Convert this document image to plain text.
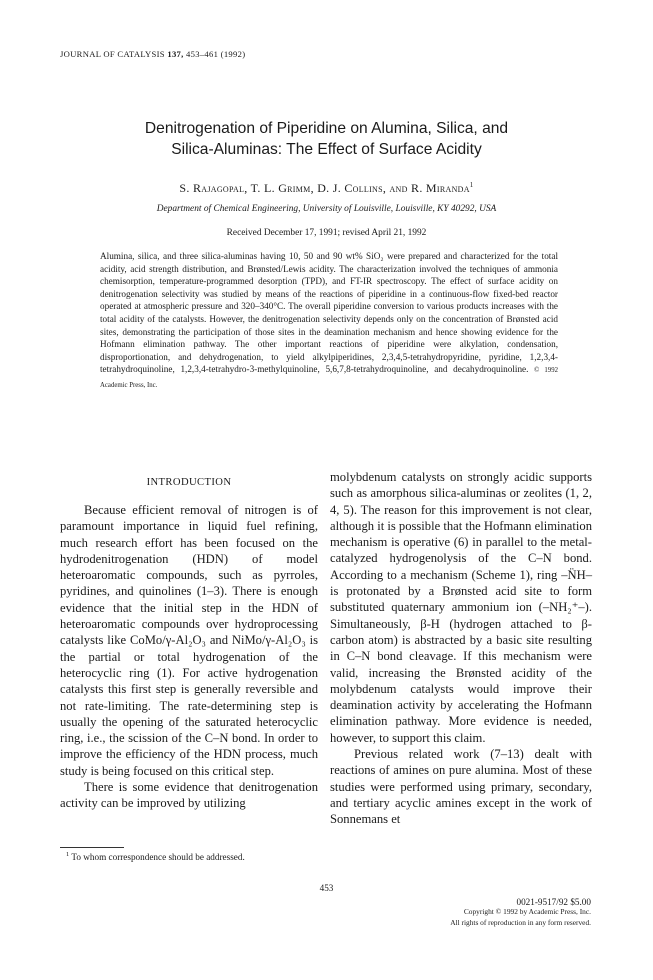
JOURNAL OF CATALYSIS 137, 453–461 (1992)
Denitrogenation of Piperidine on Alumina, Silica, and
Silica-Aluminas: The Effect of Surface Acidity
S. Rajagopal, T. L. Grimm, D. J. Collins, and R. Miranda$^1$
Department of Chemical Engineering, University of Louisville, Louisville, KY 40292, USA
Received December 17, 1991; revised April 21, 1992
Alumina, silica, and three silica-aluminas having 10, 50 and 90 wt% SiO₂ were prepared and characterized for the total acidity, acid strength distribution, and Brønsted/Lewis acidity. The characterization involved the techniques of ammonia chemisorption, temperature-programmed desorption (TPD), and FT-IR spectroscopy. The effect of surface acidity on denitrogenation selectivity was studied by means of the reactions of piperidine in a continuous-flow fixed-bed reactor operated at atmospheric pressure and 320–340°C. The overall piperidine conversion to various products increases with the total acidity of the catalysts. However, the denitrogenation selectivity depends only on the concentration of Brønsted acid sites, demonstrating the participation of those sites in the deamination mechanism and hence showing evidence for the Hofmann elimination pathway. The other important reactions of piperidine were alkylation, condensation, disproportionation, and dehydrogenation, to yield alkylpiperidines, 2,3,4,5-tetrahydropyridine, pyridine, 1,2,3,4-tetrahydroquinoline, 1,2,3,4-tetrahydro-3-methylquinoline, 5,6,7,8-tetrahydroquinoline, and decahydroquinoline. © 1992 Academic Press, Inc.
INTRODUCTION

Because efficient removal of nitrogen is of paramount importance in liquid fuel refining, much research effort has been focused on the hydrodenitrogenation (HDN) of model heteroaromatic compounds, such as pyrroles, pyridines, and quinolines (1–3). There is enough evidence that the initial step in the HDN of heteroaromatic compounds over hydroprocessing catalysts like CoMo/γ-Al₂O₃ and NiMo/γ-Al₂O₃ is the partial or total hydrogenation of the heterocyclic ring (1). For active hydrogenation catalysts this first step is generally reversible and not rate-limiting. The rate-determining step is usually the opening of the saturated heterocyclic ring, i.e., the scission of the C–N bond. In order to improve the efficiency of the HDN process, much study is being focused on this critical step.

There is some evidence that denitrogenation activity can be improved by utilizing

molybdenum catalysts on strongly acidic supports such as amorphous silica-aluminas or zeolites (1, 2, 4, 5). The reason for this improvement is not clear, although it is possible that the Hofmann elimination mechanism is operative (6) in parallel to the metal-catalyzed hydrogenolysis of the C–N bond. According to a mechanism (Scheme 1), ring –N̈H– is protonated by a Brønsted acid site to form substituted quaternary ammonium ion (–NH₂⁺–). Simultaneously, β-H (hydrogen attached to β-carbon atom) is abstracted by a basic site resulting in C–N bond cleavage. If this mechanism were valid, increasing the Brønsted acidity of the molybdenum catalysts would improve their deamination activity by accelerating the Hofmann elimination pathway. More evidence is needed, however, to support this claim.

Previous related work (7–13) dealt with reactions of amines on pure alumina. Most of these studies were performed using primary, secondary, and tertiary acyclic amines except in the work of Sonnemans et

$^1$ To whom correspondence should be addressed.
453
0021-9517/92 $5.00
Copyright © 1992 by Academic Press, Inc.
All rights of reproduction in any form reserved.
